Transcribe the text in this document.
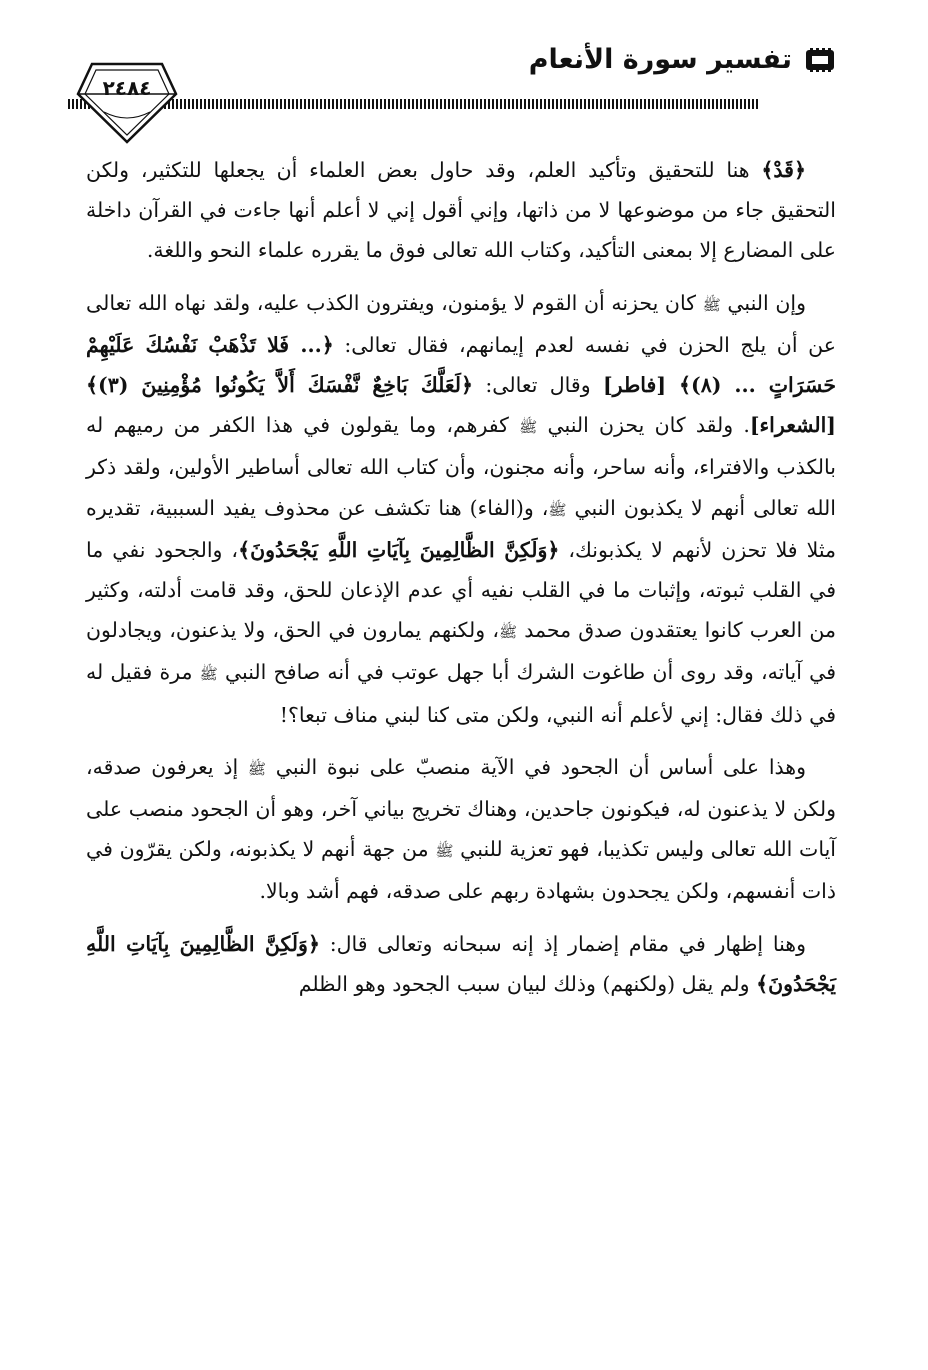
تفسير سورة الأنعام
٢٤٨٤

﴿قَدْ﴾ هنا للتحقيق وتأكيد العلم، وقد حاول بعض العلماء أن يجعلها للتكثير، ولكن التحقيق جاء من موضوعها لا من ذاتها، وإني أقول إني لا أعلم أنها جاءت في القرآن داخلة على المضارع إلا بمعنى التأكيد، وكتاب الله تعالى فوق ما يقرره علماء النحو واللغة.

وإن النبي ﷺ كان يحزنه أن القوم لا يؤمنون، ويفترون الكذب عليه، ولقد نهاه الله تعالى عن أن يلج الحزن في نفسه لعدم إيمانهم، فقال تعالى: ﴿... فَلا تَذْهَبْ نَفْسُكَ عَلَيْهِمْ حَسَرَاتٍ ... (٨)﴾ [فاطر] وقال تعالى: ﴿لَعَلَّكَ بَاخِعٌ نَّفْسَكَ أَلاَّ يَكُونُوا مُؤْمِنِينَ (٣)﴾ [الشعراء]. ولقد كان يحزن النبي ﷺ كفرهم، وما يقولون في هذا الكفر من رميهم له بالكذب والافتراء، وأنه ساحر، وأنه مجنون، وأن كتاب الله تعالى أساطير الأولين، ولقد ذكر الله تعالى أنهم لا يكذبون النبي ﷺ، و(الفاء) هنا تكشف عن محذوف يفيد السببية، تقديره مثلا فلا تحزن لأنهم لا يكذبونك، ﴿وَلَكِنَّ الظَّالِمِينَ بِآيَاتِ اللَّهِ يَجْحَدُونَ﴾، والجحود نفي ما في القلب ثبوته، وإثبات ما في القلب نفيه أي عدم الإذعان للحق، وقد قامت أدلته، وكثير من العرب كانوا يعتقدون صدق محمد ﷺ، ولكنهم يمارون في الحق، ولا يذعنون، ويجادلون في آياته، وقد روى أن طاغوت الشرك أبا جهل عوتب في أنه صافح النبي ﷺ مرة فقيل له في ذلك فقال: إني لأعلم أنه النبي، ولكن متى كنا لبني مناف تبعا؟!

وهذا على أساس أن الجحود في الآية منصبّ على نبوة النبي ﷺ إذ يعرفون صدقه، ولكن لا يذعنون له، فيكونون جاحدين، وهناك تخريج بياني آخر، وهو أن الجحود منصب على آيات الله تعالى وليس تكذيبا، فهو تعزية للنبي ﷺ من جهة أنهم لا يكذبونه، ولكن يقرّون في ذات أنفسهم، ولكن يجحدون بشهادة ربهم على صدقه، فهم أشد وبالا.

وهنا إظهار في مقام إضمار إذ إنه سبحانه وتعالى قال: ﴿وَلَكِنَّ الظَّالِمِينَ بِآيَاتِ اللَّهِ يَجْحَدُونَ﴾ ولم يقل (ولكنهم) وذلك لبيان سبب الجحود وهو الظلم
